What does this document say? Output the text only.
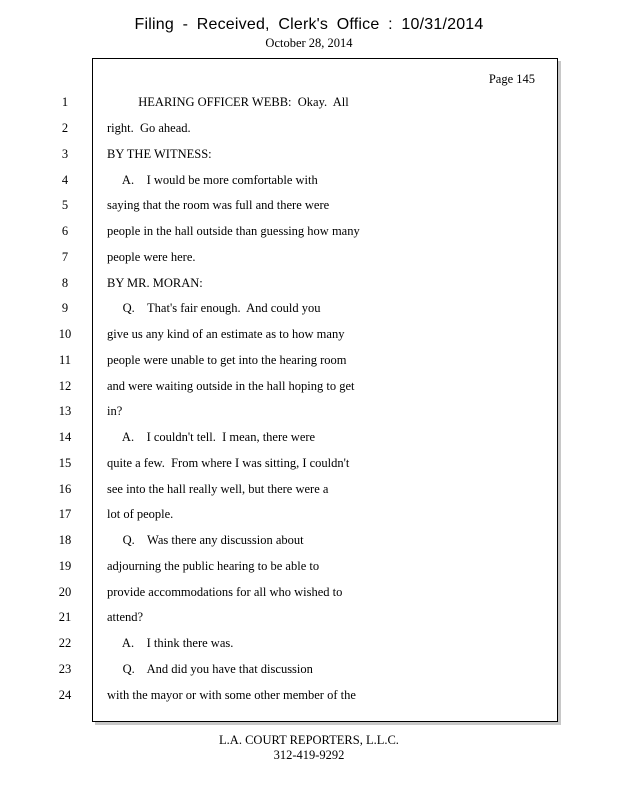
Filing - Received, Clerk's Office : 10/31/2014
October 28, 2014
Page 145
1	HEARING OFFICER WEBB:  Okay.  All
2	right.  Go ahead.
3	BY THE WITNESS:
4	A.    I would be more comfortable with
5	saying that the room was full and there were
6	people in the hall outside than guessing how many
7	people were here.
8	BY MR. MORAN:
9	Q.    That's fair enough.  And could you
10	give us any kind of an estimate as to how many
11	people were unable to get into the hearing room
12	and were waiting outside in the hall hoping to get
13	in?
14	A.    I couldn't tell.  I mean, there were
15	quite a few.  From where I was sitting, I couldn't
16	see into the hall really well, but there were a
17	lot of people.
18	Q.    Was there any discussion about
19	adjourning the public hearing to be able to
20	provide accommodations for all who wished to
21	attend?
22	A.    I think there was.
23	Q.    And did you have that discussion
24	with the mayor or with some other member of the
L.A. COURT REPORTERS, L.L.C.
312-419-9292
